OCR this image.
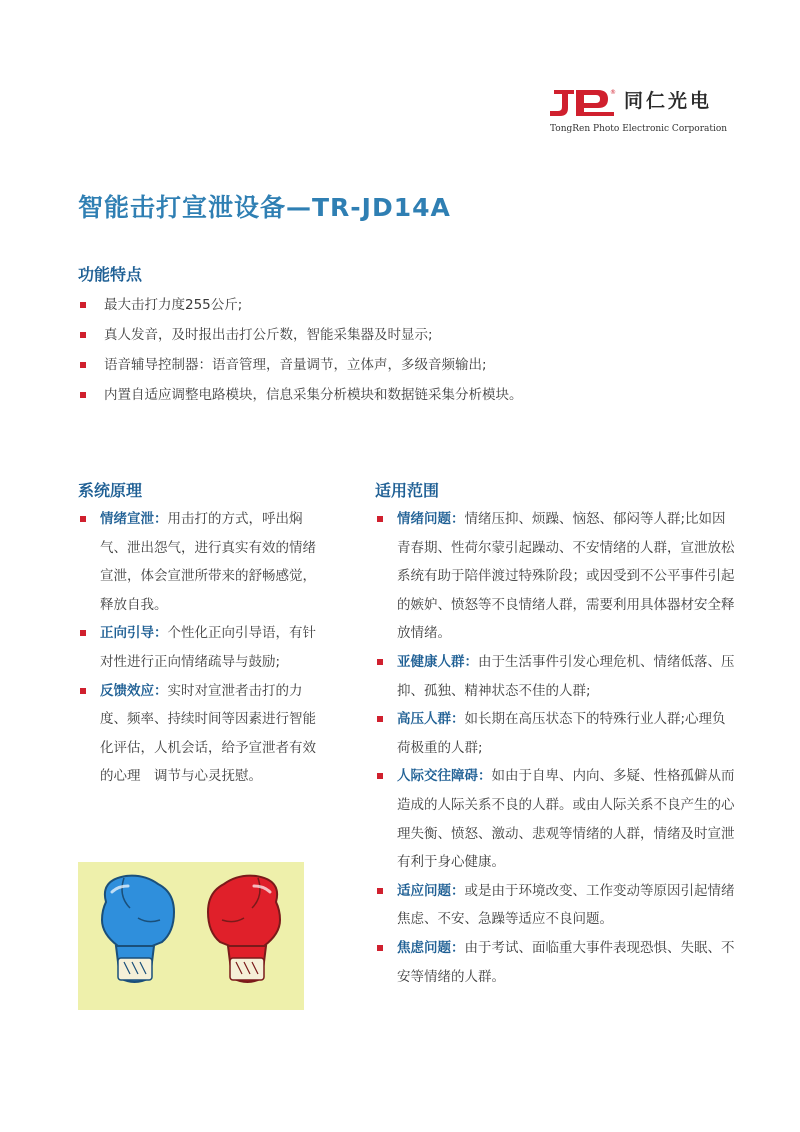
® 同仁光电
TongRen Photo Electronic Corporation
智能击打宣泄设备—TR-JD14A
功能特点
最大击打力度255公斤;
真人发音，及时报出击打公斤数，智能采集器及时显示;
语音辅导控制器：语音管理，音量调节，立体声，多级音频输出;
内置自适应调整电路模块，信息采集分析模块和数据链采集分析模块。
系统原理
情绪宣泄：用击打的方式，呼出焖气、泄出怨气，进行真实有效的情绪宣泄，体会宣泄所带来的舒畅感觉，释放自我。
正向引导：个性化正向引导语，有针对性进行正向情绪疏导与鼓励;
反馈效应：实时对宣泄者击打的力度、频率、持续时间等因素进行智能化评估，人机会话，给予宣泄者有效的心理　调节与心灵抚慰。
适用范围
情绪问题：情绪压抑、烦躁、恼怒、郁闷等人群;比如因青春期、性荷尔蒙引起躁动、不安情绪的人群，宣泄放松系统有助于陪伴渡过特殊阶段；或因受到不公平事件引起的嫉妒、愤怒等不良情绪人群，需要利用具体器材安全释放情绪。
亚健康人群：由于生活事件引发心理危机、情绪低落、压抑、孤独、精神状态不佳的人群;
高压人群：如长期在高压状态下的特殊行业人群;心理负荷极重的人群;
人际交往障碍：如由于自卑、内向、多疑、性格孤僻从而造成的人际关系不良的人群。或由人际关系不良产生的心理失衡、愤怒、激动、悲观等情绪的人群，情绪及时宣泄有利于身心健康。
适应问题：或是由于环境改变、工作变动等原因引起情绪焦虑、不安、急躁等适应不良问题。
焦虑问题：由于考试、面临重大事件表现恐惧、失眠、不安等情绪的人群。
